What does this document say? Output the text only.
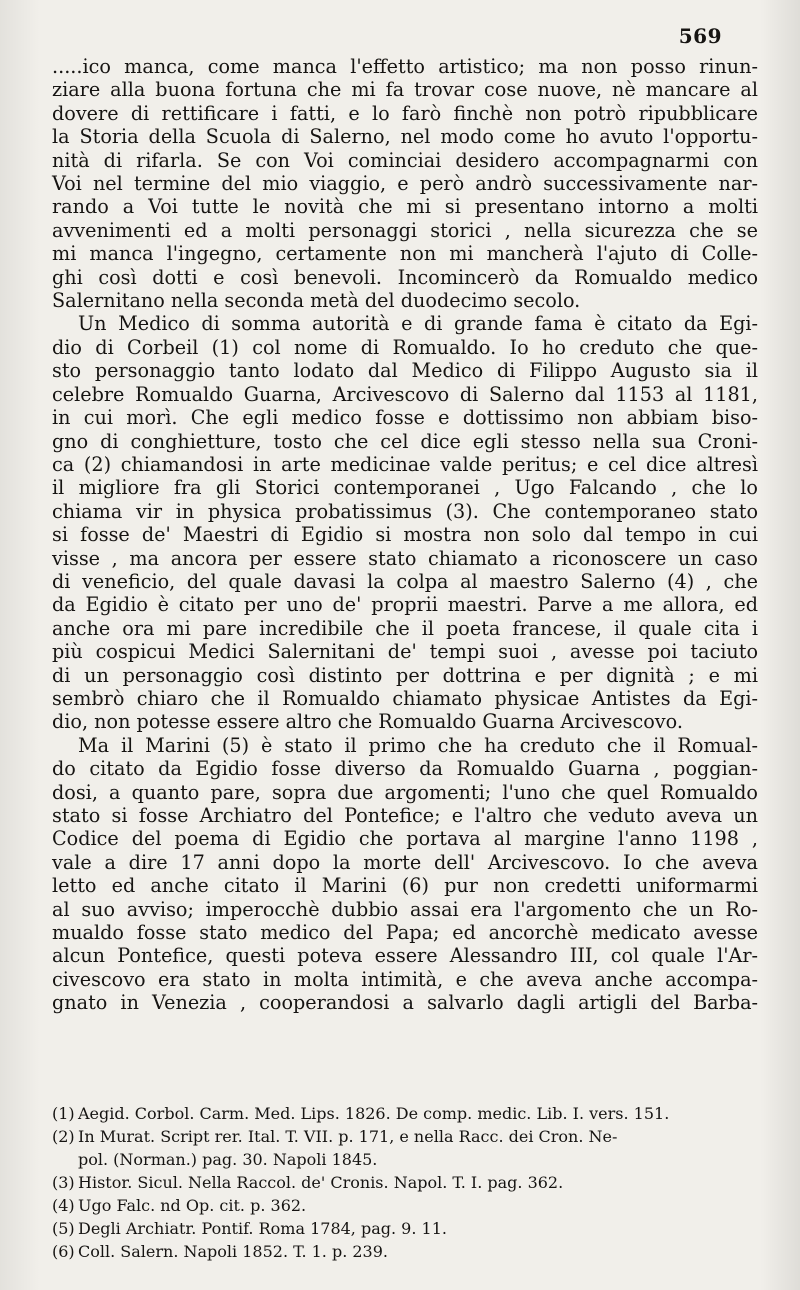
569
.....ico manca, come manca l'effetto artistico; ma non posso rinun-
ziare alla buona fortuna che mi fa trovar cose nuove, nè mancare al
dovere di rettificare i fatti, e lo farò finchè non potrò ripubblicare
la Storia della Scuola di Salerno, nel modo come ho avuto l'opportu-
nità di rifarla. Se con Voi cominciai desidero accompagnarmi con
Voi nel termine del mio viaggio, e però andrò successivamente nar-
rando a Voi tutte le novità che mi si presentano intorno a molti
avvenimenti ed a molti personaggi storici , nella sicurezza che se
mi manca l'ingegno, certamente non mi mancherà l'ajuto di Colle-
ghi così dotti e così benevoli. Incomincerò da Romualdo medico
Salernitano nella seconda metà del duodecimo secolo.
Un Medico di somma autorità e di grande fama è citato da Egi-
dio di Corbeil (1) col nome di Romualdo. Io ho creduto che que-
sto personaggio tanto lodato dal Medico di Filippo Augusto sia il
celebre Romualdo Guarna, Arcivescovo di Salerno dal 1153 al 1181,
in cui morì. Che egli medico fosse e dottissimo non abbiam biso-
gno di conghietture, tosto che cel dice egli stesso nella sua Croni-
ca (2) chiamandosi in arte medicinae valde peritus; e cel dice altresì
il migliore fra gli Storici contemporanei , Ugo Falcando , che lo
chiama vir in physica probatissimus (3). Che contemporaneo stato
si fosse de' Maestri di Egidio si mostra non solo dal tempo in cui
visse , ma ancora per essere stato chiamato a riconoscere un caso
di veneficio, del quale davasi la colpa al maestro Salerno (4) , che
da Egidio è citato per uno de' proprii maestri. Parve a me allora, ed
anche ora mi pare incredibile che il poeta francese, il quale cita i
più cospicui Medici Salernitani de' tempi suoi , avesse poi taciuto
di un personaggio così distinto per dottrina e per dignità ; e mi
sembrò chiaro che il Romualdo chiamato physicae Antistes da Egi-
dio, non potesse essere altro che Romualdo Guarna Arcivescovo.
Ma il Marini (5) è stato il primo che ha creduto che il Romual-
do citato da Egidio fosse diverso da Romualdo Guarna , poggian-
dosi, a quanto pare, sopra due argomenti; l'uno che quel Romualdo
stato si fosse Archiatro del Pontefice; e l'altro che veduto aveva un
Codice del poema di Egidio che portava al margine l'anno 1198 ,
vale a dire 17 anni dopo la morte dell' Arcivescovo. Io che aveva
letto ed anche citato il Marini (6) pur non credetti uniformarmi
al suo avviso; imperocchè dubbio assai era l'argomento che un Ro-
mualdo fosse stato medico del Papa; ed ancorchè medicato avesse
alcun Pontefice, questi poteva essere Alessandro III, col quale l'Ar-
civescovo era stato in molta intimità, e che aveva anche accompa-
gnato in Venezia , cooperandosi a salvarlo dagli artigli del Barba-
(1) Aegid. Corbol. Carm. Med. Lips. 1826. De comp. medic. Lib. I. vers. 151.
(2) In Murat. Script rer. Ital. T. VII. p. 171, e nella Racc. dei Cron. Ne-
pol. (Norman.) pag. 30. Napoli 1845.
(3) Histor. Sicul. Nella Raccol. de' Cronis. Napol. T. I. pag. 362.
(4) Ugo Falc. nd Op. cit. p. 362.
(5) Degli Archiatr. Pontif. Roma 1784, pag. 9. 11.
(6) Coll. Salern. Napoli 1852. T. 1. p. 239.
